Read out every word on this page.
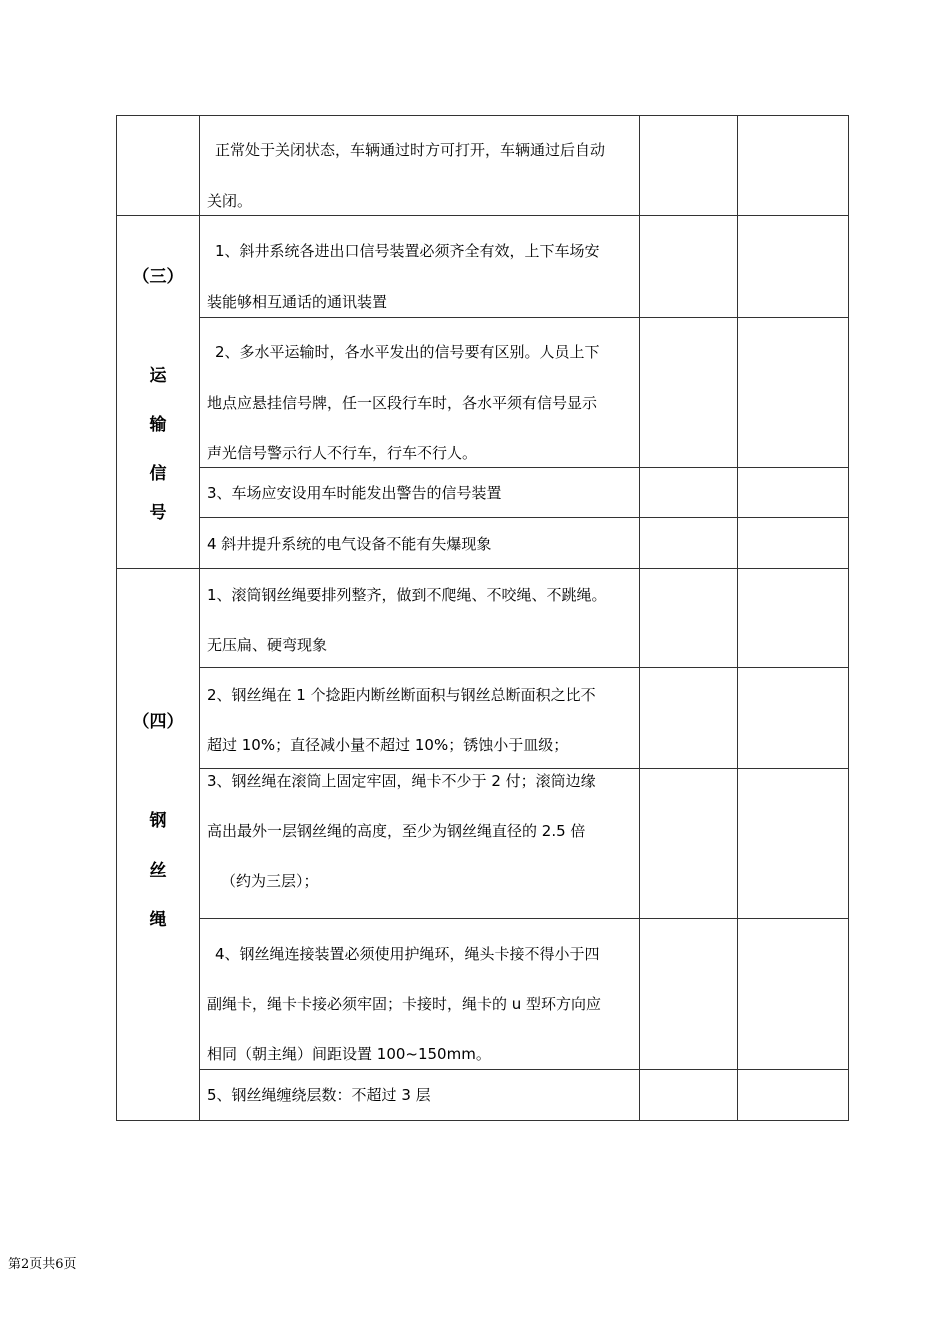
正常处于关闭状态，车辆通过时方可打开，车辆通过后自动
关闭。
1、斜井系统各进出口信号装置必须齐全有效，上下车场安
装能够相互通话的通讯装置
2、多水平运输时，各水平发出的信号要有区别。人员上下
地点应悬挂信号牌，任一区段行车时，各水平须有信号显示
声光信号警示行人不行车，行车不行人。
3、车场应安设用车时能发出警告的信号装置
4 斜井提升系统的电气设备不能有失爆现象
1、滚筒钢丝绳要排列整齐，做到不爬绳、不咬绳、不跳绳。
无压扁、硬弯现象
2、钢丝绳在 1 个捻距内断丝断面积与钢丝总断面积之比不
超过 10%；直径减小量不超过 10%；锈蚀小于皿级；
3、钢丝绳在滚筒上固定牢固，绳卡不少于 2 付；滚筒边缘
高出最外一层钢丝绳的高度，至少为钢丝绳直径的 2.5 倍
（约为三层）；
4、钢丝绳连接装置必须使用护绳环，绳头卡接不得小于四
副绳卡，绳卡卡接必须牢固；卡接时，绳卡的 u 型环方向应
相同（朝主绳）间距设置 100~150mm。
5、钢丝绳缠绕层数：不超过 3 层
（三）
运
输
信
号
（四）
钢
丝
绳
第2页共6页
